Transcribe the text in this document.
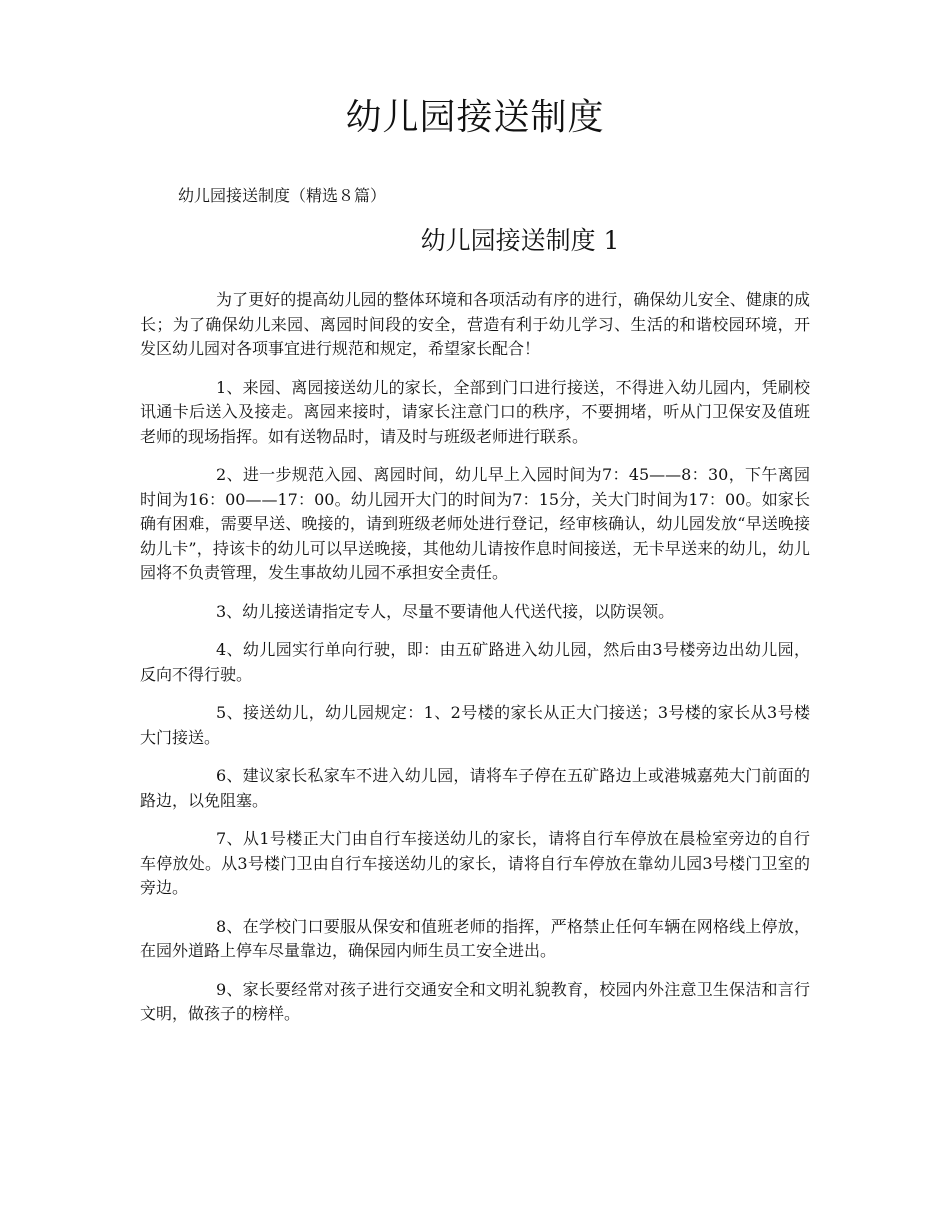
幼儿园接送制度

幼儿园接送制度（精选８篇）

幼儿园接送制度 1

为了更好的提高幼儿园的整体环境和各项活动有序的进行，确保幼儿安全、健康的成长；为了确保幼儿来园、离园时间段的安全，营造有利于幼儿学习、生活的和谐校园环境，开发区幼儿园对各项事宜进行规范和规定，希望家长配合！

1、来园、离园接送幼儿的家长，全部到门口进行接送，不得进入幼儿园内，凭刷校讯通卡后送入及接走。离园来接时，请家长注意门口的秩序，不要拥堵，听从门卫保安及值班老师的现场指挥。如有送物品时，请及时与班级老师进行联系。

2、进一步规范入园、离园时间，幼儿早上入园时间为7：45——8：30，下午离园时间为16：00——17：00。幼儿园开大门的时间为7：15分，关大门时间为17：00。如家长确有困难，需要早送、晚接的，请到班级老师处进行登记，经审核确认，幼儿园发放“早送晚接幼儿卡”，持该卡的幼儿可以早送晚接，其他幼儿请按作息时间接送，无卡早送来的幼儿，幼儿园将不负责管理，发生事故幼儿园不承担安全责任。

3、幼儿接送请指定专人，尽量不要请他人代送代接，以防误领。

4、幼儿园实行单向行驶，即：由五矿路进入幼儿园，然后由3号楼旁边出幼儿园，反向不得行驶。

5、接送幼儿，幼儿园规定：1、2号楼的家长从正大门接送；3号楼的家长从3号楼大门接送。

6、建议家长私家车不进入幼儿园，请将车子停在五矿路边上或港城嘉苑大门前面的路边，以免阻塞。

7、从1号楼正大门由自行车接送幼儿的家长，请将自行车停放在晨检室旁边的自行车停放处。从3号楼门卫由自行车接送幼儿的家长，请将自行车停放在靠幼儿园3号楼门卫室的旁边。

8、在学校门口要服从保安和值班老师的指挥，严格禁止任何车辆在网格线上停放，在园外道路上停车尽量靠边，确保园内师生员工安全进出。

9、家长要经常对孩子进行交通安全和文明礼貌教育，校园内外注意卫生保洁和言行文明，做孩子的榜样。
